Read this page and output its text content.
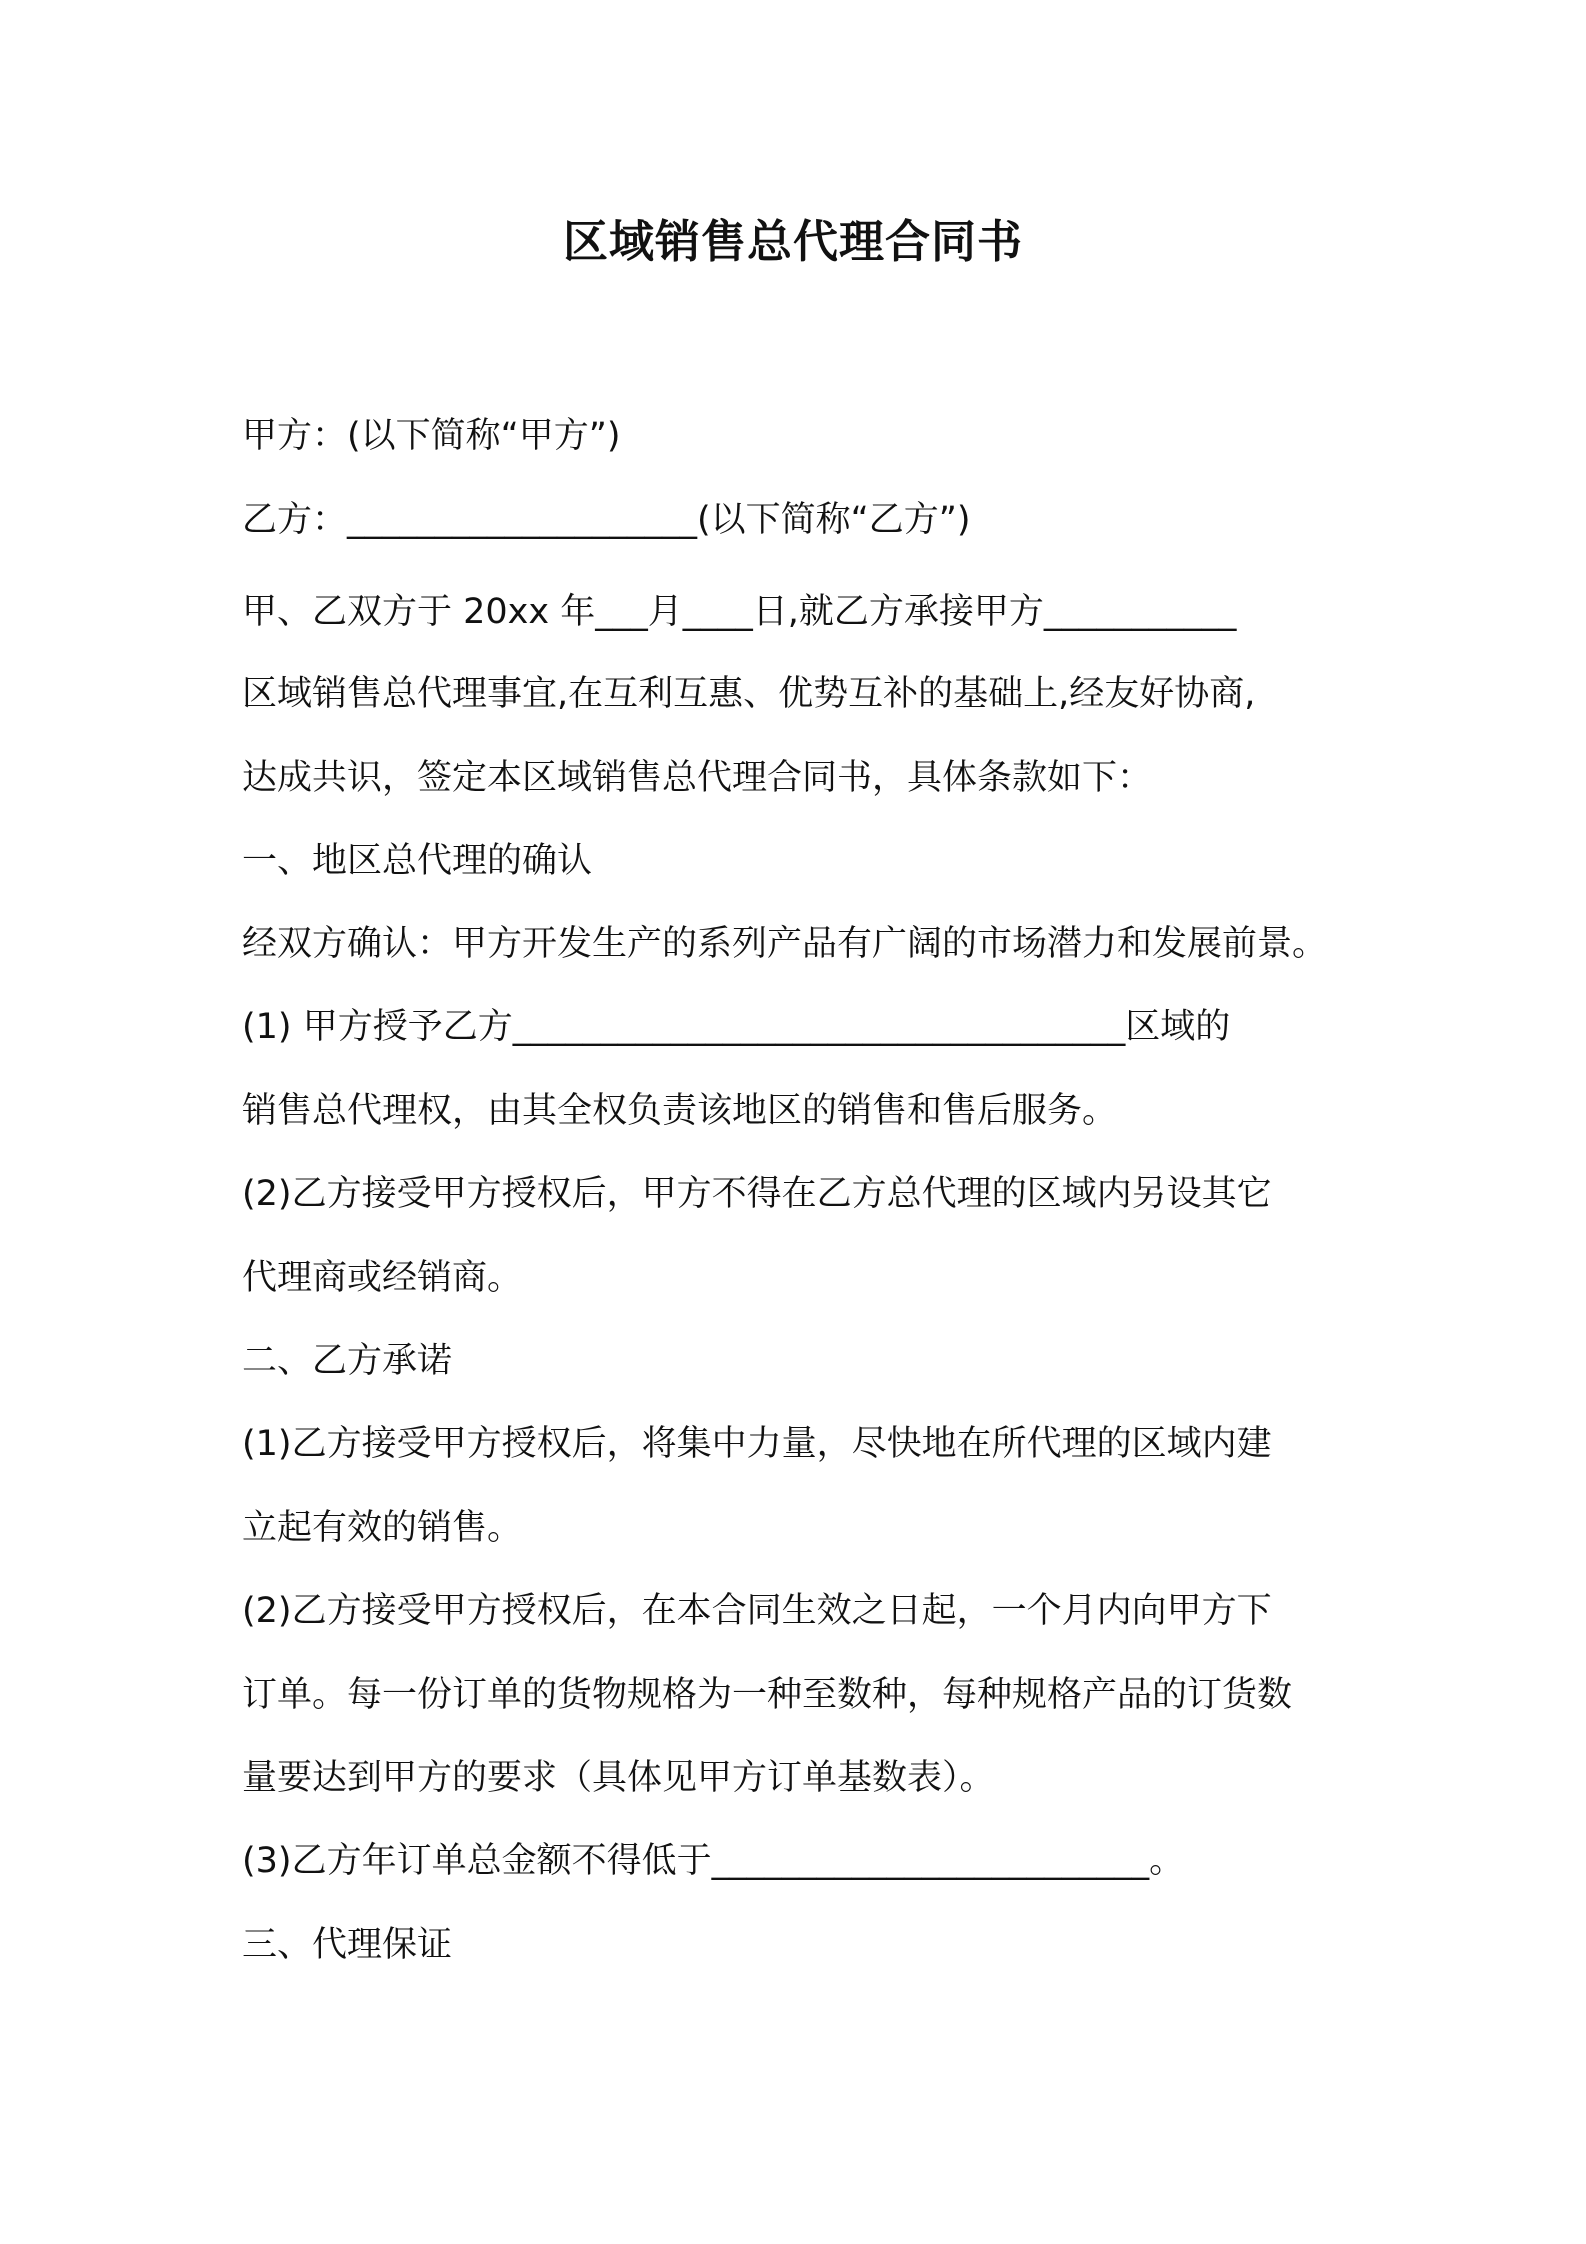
区域销售总代理合同书
甲方：(以下简称“甲方”)
乙方：____________________(以下简称“乙方”)
甲、乙双方于 20xx 年___月____日,就乙方承接甲方___________
区域销售总代理事宜,在互利互惠、优势互补的基础上,经友好协商,
达成共识，签定本区域销售总代理合同书，具体条款如下：
一、地区总代理的确认
经双方确认：甲方开发生产的系列产品有广阔的市场潜力和发展前景。
(1) 甲方授予乙方___________________________________区域的
销售总代理权，由其全权负责该地区的销售和售后服务。
(2)乙方接受甲方授权后，甲方不得在乙方总代理的区域内另设其它
代理商或经销商。
二、乙方承诺
(1)乙方接受甲方授权后，将集中力量，尽快地在所代理的区域内建
立起有效的销售。
(2)乙方接受甲方授权后，在本合同生效之日起，一个月内向甲方下
订单。每一份订单的货物规格为一种至数种，每种规格产品的订货数
量要达到甲方的要求（具体见甲方订单基数表）。
(3)乙方年订单总金额不得低于_________________________。
三、代理保证
